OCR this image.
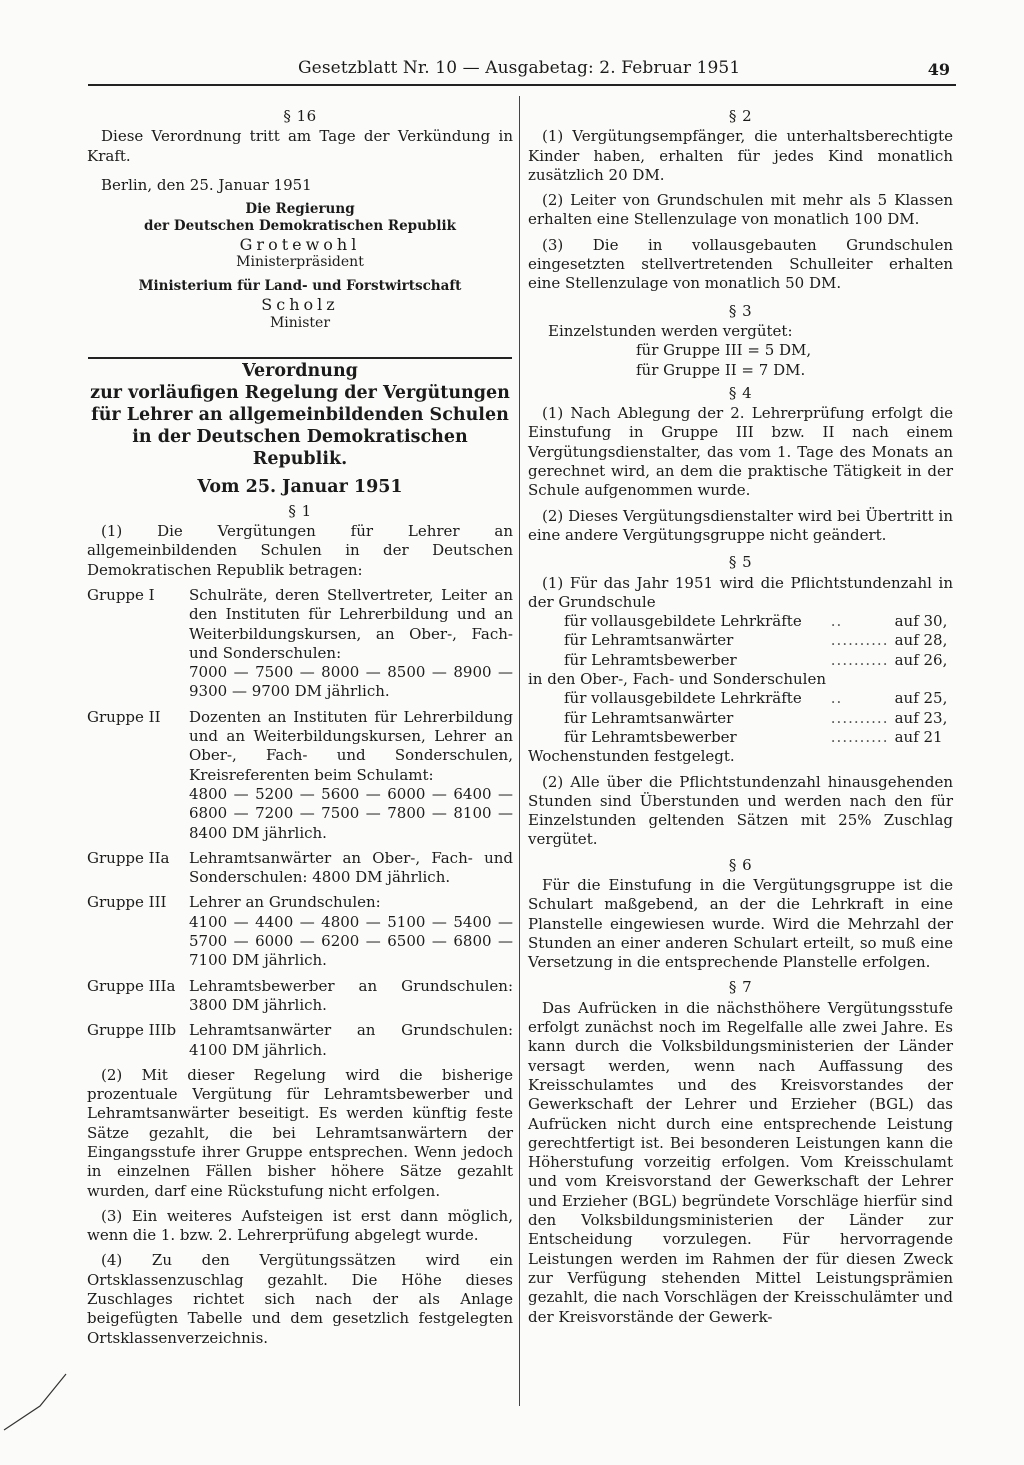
Gesetzblatt Nr. 10 — Ausgabetag: 2. Februar 1951	49
§ 16

Diese Verordnung tritt am Tage der Verkündung in Kraft.

Berlin, den 25. Januar 1951

Die Regierung
der Deutschen Demokratischen Republik
Grotewohl
Ministerpräsident
Ministerium für Land- und Forstwirtschaft
Scholz
Minister
Verordnung
zur vorläufigen Regelung der Vergütungen
für Lehrer an allgemeinbildenden Schulen
in der Deutschen Demokratischen Republik.
Vom 25. Januar 1951
§ 1

(1) Die Vergütungen für Lehrer an allgemeinbildenden Schulen in der Deutschen Demokratischen Republik betragen:

Gruppe I	Schulräte, deren Stellvertreter, Leiter an den Instituten für Lehrerbildung und an Weiterbildungskursen, an Ober-, Fach- und Sonderschulen:
7000 — 7500 — 8000 — 8500 — 8900 — 9300 — 9700 DM jährlich.
Gruppe II	Dozenten an Instituten für Lehrerbildung und an Weiterbildungskursen, Lehrer an Ober-, Fach- und Sonderschulen, Kreisreferenten beim Schulamt:
4800 — 5200 — 5600 — 6000 — 6400 — 6800 — 7200 — 7500 — 7800 — 8100 — 8400 DM jährlich.
Gruppe IIa	Lehramtsanwärter an Ober-, Fach- und Sonderschulen: 4800 DM jährlich.
Gruppe III	Lehrer an Grundschulen:
4100 — 4400 — 4800 — 5100 — 5400 — 5700 — 6000 — 6200 — 6500 — 6800 — 7100 DM jährlich.
Gruppe IIIa Lehramtsbewerber an Grundschulen: 3800 DM jährlich.
Gruppe IIIb Lehramtsanwärter an Grundschulen: 4100 DM jährlich.

(2) Mit dieser Regelung wird die bisherige prozentuale Vergütung für Lehramtsbewerber und Lehramtsanwärter beseitigt. Es werden künftig feste Sätze gezahlt, die bei Lehramtsanwärtern der Eingangsstufe ihrer Gruppe entsprechen. Wenn jedoch in einzelnen Fällen bisher höhere Sätze gezahlt wurden, darf eine Rückstufung nicht erfolgen.

(3) Ein weiteres Aufsteigen ist erst dann möglich, wenn die 1. bzw. 2. Lehrerprüfung abgelegt wurde.

(4) Zu den Vergütungssätzen wird ein Ortsklassenzuschlag gezahlt. Die Höhe dieses Zuschlages richtet sich nach der als Anlage beigefügten Tabelle und dem gesetzlich festgelegten Ortsklassenverzeichnis.

§ 2

(1) Vergütungsempfänger, die unterhaltsberechtigte Kinder haben, erhalten für jedes Kind monatlich zusätzlich 20 DM.

(2) Leiter von Grundschulen mit mehr als 5 Klassen erhalten eine Stellenzulage von monatlich 100 DM.

(3) Die in vollausgebauten Grundschulen eingesetzten stellvertretenden Schulleiter erhalten eine Stellenzulage von monatlich 50 DM.

§ 3
Einzelstunden werden vergütet:
für Gruppe III = 5 DM,
für Gruppe II = 7 DM.
§ 4

(1) Nach Ablegung der 2. Lehrerprüfung erfolgt die Einstufung in Gruppe III bzw. II nach einem Vergütungsdienstalter, das vom 1. Tage des Monats an gerechnet wird, an dem die praktische Tätigkeit in der Schule aufgenommen wurde.

(2) Dieses Vergütungsdienstalter wird bei Übertritt in eine andere Vergütungsgruppe nicht geändert.

§ 5

(1) Für das Jahr 1951 wird die Pflichtstundenzahl in der Grundschule

für vollausgebildete Lehrkräfte	..	auf 30,
für Lehramtsanwärter	..........	auf 28,
für Lehramtsbewerber	..........	auf 26,
in den Ober-, Fach- und Sonderschulen
für vollausgebildete Lehrkräfte	..	auf 25,
für Lehramtsanwärter	..........	auf 23,
für Lehramtsbewerber	..........	auf 21

Wochenstunden festgelegt.

(2) Alle über die Pflichtstundenzahl hinausgehenden Stunden sind Überstunden und werden nach den für Einzelstunden geltenden Sätzen mit 25% Zuschlag vergütet.

§ 6

Für die Einstufung in die Vergütungsgruppe ist die Schulart maßgebend, an der die Lehrkraft in eine Planstelle eingewiesen wurde. Wird die Mehrzahl der Stunden an einer anderen Schulart erteilt, so muß eine Versetzung in die entsprechende Planstelle erfolgen.

§ 7

Das Aufrücken in die nächsthöhere Vergütungsstufe erfolgt zunächst noch im Regelfalle alle zwei Jahre. Es kann durch die Volksbildungsministerien der Länder versagt werden, wenn nach Auffassung des Kreisschulamtes und des Kreisvorstandes der Gewerkschaft der Lehrer und Erzieher (BGL) das Aufrücken nicht durch eine entsprechende Leistung gerechtfertigt ist. Bei besonderen Leistungen kann die Höherstufung vorzeitig erfolgen. Vom Kreisschulamt und vom Kreisvorstand der Gewerkschaft der Lehrer und Erzieher (BGL) begründete Vorschläge hierfür sind den Volksbildungsministerien der Länder zur Entscheidung vorzulegen. Für hervorragende Leistungen werden im Rahmen der für diesen Zweck zur Verfügung stehenden Mittel Leistungsprämien gezahlt, die nach Vorschlägen der Kreisschulämter und der Kreisvorstände der Gewerk-
